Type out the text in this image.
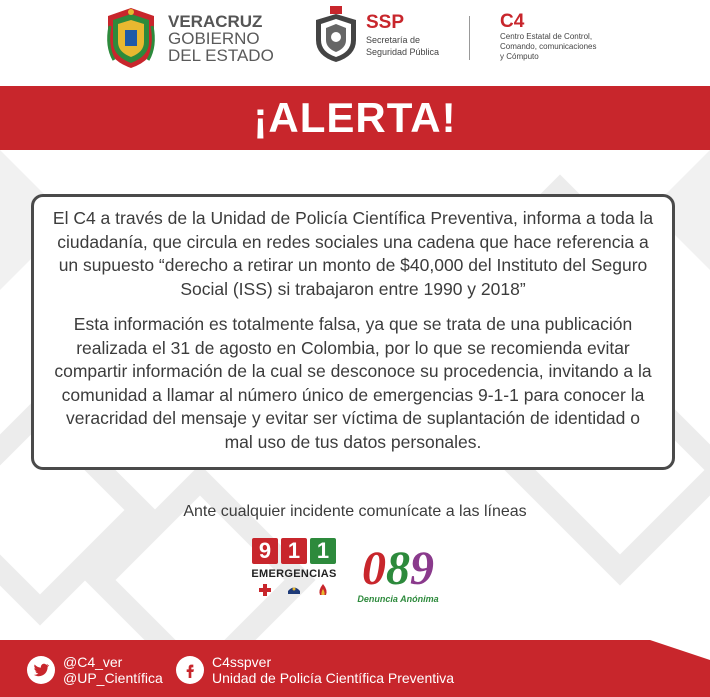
VERACRUZ
GOBIERNO
DEL ESTADO
SSP
Secretaría de
Seguridad Pública
C4
Centro Estatal de Control,
Comando, comunicaciones
y Cómputo
¡ALERTA!

El C4 a través de la Unidad de Policía Científica Preventiva, informa a toda la ciudadanía, que circula en redes sociales una cadena que hace referencia a un supuesto “derecho a retirar un monto de $40,000 del Instituto del Seguro Social (ISS) si trabajaron entre 1990 y 2018”

Esta información es totalmente falsa, ya que se trata de una publicación realizada el 31 de agosto en Colombia, por lo que se recomienda evitar compartir información de la cual se desconoce su procedencia, invitando a la comunidad a llamar al número único de emergencias 9-1-1 para conocer la veracridad del mensaje y evitar ser víctima de suplantación de identidad o mal uso de tus datos personales.

Ante cualquier incidente comunícate a las líneas
9 1 1
EMERGENCIAS 089
Denuncia Anónima
@C4_ver
@UP_Científica
C4sspver
Unidad de Policía Científica Preventiva
